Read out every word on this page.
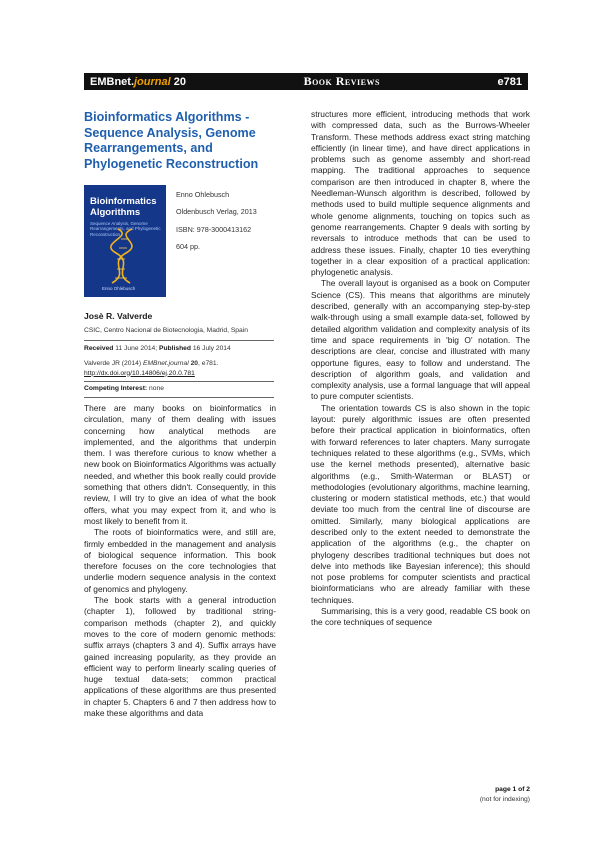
EMBnet.journal 20	Book Reviews	e781
Bioinformatics Algorithms - Sequence Analysis, Genome Rearrangements, and Phylogenetic Reconstruction
Bioinformatics Algorithms
Sequence Analysis, Genome Rearrangements, and Phylogenetic Reconstruction
Enno Ohlebusch
Enno Ohlebusch
Oldenbusch Verlag, 2013
ISBN: 978-3000413162
604 pp.
Josè R. Valverde
CSIC, Centro Nacional de Biotecnologia, Madrid, Spain
Received 11 June 2014; Published 16 July 2014
Valverde JR (2014) EMBnet.journal 20, e781. http://dx.doi.org/10.14806/ej.20.0.781
Competing Interest: none

There are many books on bioinformatics in circulation, many of them dealing with issues concerning how analytical methods are implemented, and the algorithms that underpin them. I was therefore curious to know whether a new book on Bioinformatics Algorithms was actually needed, and whether this book really could provide something that others didn't. Consequently, in this review, I will try to give an idea of what the book offers, what you may expect from it, and who is most likely to benefit from it.

The roots of bioinformatics were, and still are, firmly embedded in the management and analysis of biological sequence information. This book therefore focuses on the core technologies that underlie modern sequence analysis in the context of genomics and phylogeny.

The book starts with a general introduction (chapter 1), followed by traditional string-comparison methods (chapter 2), and quickly moves to the core of modern genomic methods: suffix arrays (chapters 3 and 4). Suffix arrays have gained increasing popularity, as they provide an efficient way to perform linearly scaling queries of huge textual data-sets; common practical applications of these algorithms are thus presented in chapter 5. Chapters 6 and 7 then address how to make these algorithms and data

structures more efficient, introducing methods that work with compressed data, such as the Burrows-Wheeler Transform. These methods address exact string matching efficiently (in linear time), and have direct applications in problems such as genome assembly and short-read mapping. The traditional approaches to sequence comparison are then introduced in chapter 8, where the Needleman-Wunsch algorithm is described, followed by methods used to build multiple sequence alignments and whole genome alignments, touching on topics such as genome rearrangements. Chapter 9 deals with sorting by reversals to introduce methods that can be used to address these issues. Finally, chapter 10 ties everything together in a clear exposition of a practical application: phylogenetic analysis.

The overall layout is organised as a book on Computer Science (CS). This means that algorithms are minutely described, generally with an accompanying step-by-step walk-through using a small example data-set, followed by detailed algorithm validation and complexity analysis of its time and space requirements in 'big O' notation. The descriptions are clear, concise and illustrated with many opportune figures, easy to follow and understand. The description of algorithm goals, and validation and complexity analysis, use a formal language that will appeal to pure computer scientists.

The orientation towards CS is also shown in the topic layout: purely algorithmic issues are often presented before their practical application in bioinformatics, often with forward references to later chapters. Many surrogate techniques related to these algorithms (e.g., SVMs, which use the kernel methods presented), alternative basic algorithms (e.g., Smith-Waterman or BLAST) or methodologies (evolutionary algorithms, machine learning, clustering or modern statistical methods, etc.) that would deviate too much from the central line of discourse are omitted. Similarly, many biological applications are described only to the extent needed to demonstrate the application of the algorithms (e.g., the chapter on phylogeny describes traditional techniques but does not delve into methods like Bayesian inference); this should not pose problems for computer scientists and practical bioinformaticians who are already familiar with these techniques.

Summarising, this is a very good, readable CS book on the core techniques of sequence

page 1 of 2
(not for indexing)
